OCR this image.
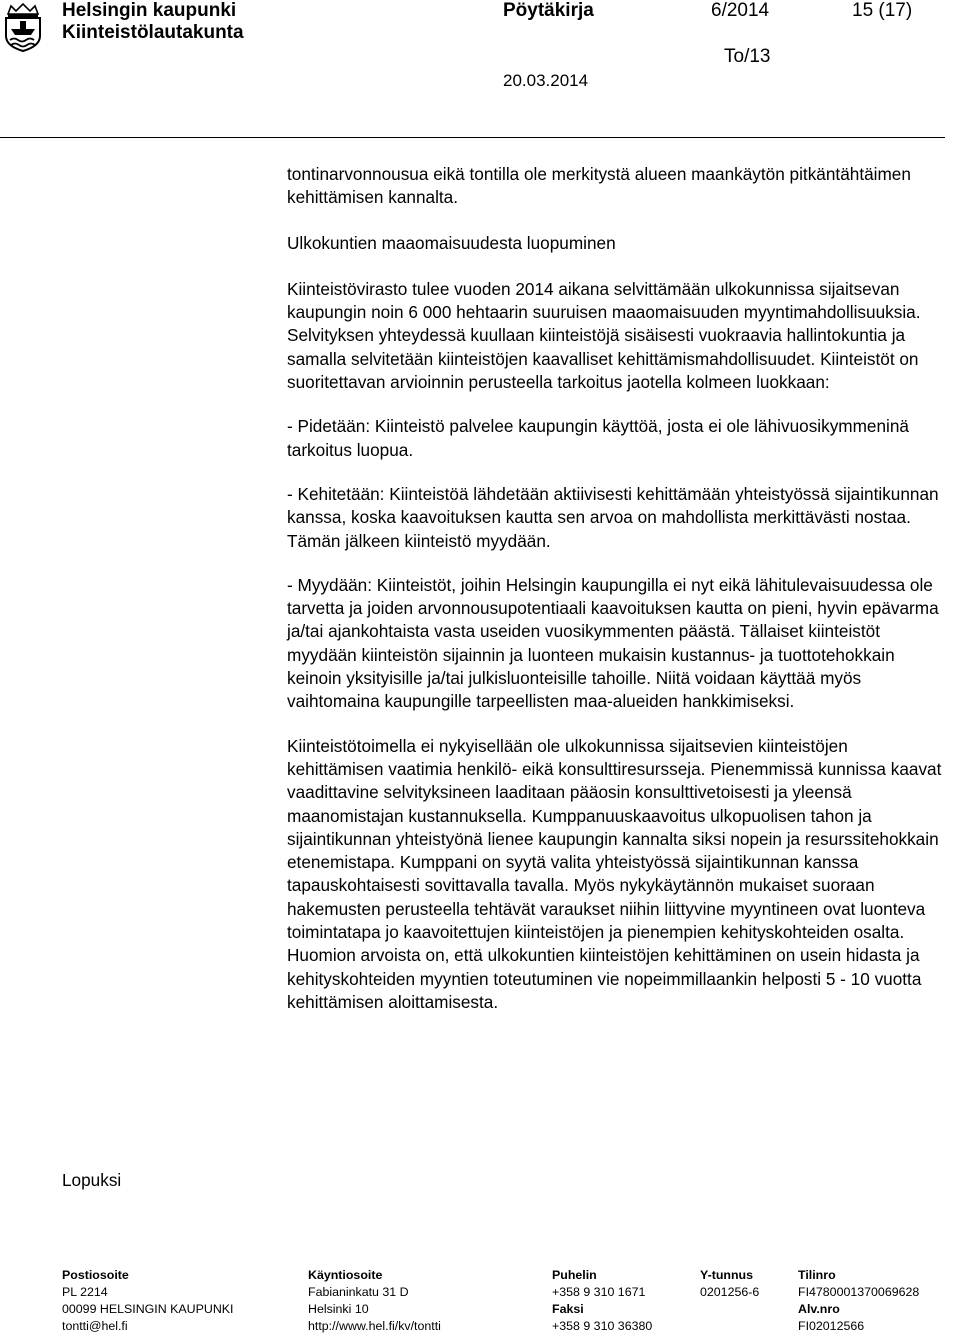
Helsingin kaupunki
Kiinteistölautakunta
Pöytäkirja	6/2014	15 (17)
To/13
20.03.2014

tontinarvonnousua eikä tontilla ole merkitystä alueen maankäytön pitkäntähtäimen kehittämisen kannalta.

Ulkokuntien maaomaisuudesta luopuminen

Kiinteistövirasto tulee vuoden 2014 aikana selvittämään ulkokunnissa sijaitsevan kaupungin noin 6 000 hehtaarin suuruisen maaomaisuuden myyntimahdollisuuksia. Selvityksen yhteydessä kuullaan kiinteistöjä sisäisesti vuokraavia hallintokuntia ja samalla selvitetään kiinteistöjen kaavalliset kehittämismahdollisuudet. Kiinteistöt on suoritettavan arvioinnin perusteella tarkoitus jaotella kolmeen luokkaan:

- Pidetään: Kiinteistö palvelee kaupungin käyttöä, josta ei ole lähivuosikymmeninä tarkoitus luopua.

- Kehitetään: Kiinteistöä lähdetään aktiivisesti kehittämään yhteistyössä sijaintikunnan kanssa, koska kaavoituksen kautta sen arvoa on mahdollista merkittävästi nostaa. Tämän jälkeen kiinteistö myydään.

- Myydään: Kiinteistöt, joihin Helsingin kaupungilla ei nyt eikä lähitulevaisuudessa ole tarvetta ja joiden arvonnousupotentiaali kaavoituksen kautta on pieni, hyvin epävarma ja/tai ajankohtaista vasta useiden vuosikymmenten päästä. Tällaiset kiinteistöt myydään kiinteistön sijainnin ja luonteen mukaisin kustannus- ja tuottotehokkain keinoin yksityisille ja/tai julkisluonteisille tahoille. Niitä voidaan käyttää myös vaihtomaina kaupungille tarpeellisten maa-alueiden hankkimiseksi.

Kiinteistötoimella ei nykyisellään ole ulkokunnissa sijaitsevien kiinteistöjen kehittämisen vaatimia henkilö- eikä konsulttiresursseja. Pienemmissä kunnissa kaavat vaadittavine selvityksineen laaditaan pääosin konsulttivetoisesti ja yleensä maanomistajan kustannuksella. Kumppanuuskaavoitus ulkopuolisen tahon ja sijaintikunnan yhteistyönä lienee kaupungin kannalta siksi nopein ja resurssitehokkain etenemistapa. Kumppani on syytä valita yhteistyössä sijaintikunnan kanssa tapauskohtaisesti sovittavalla tavalla. Myös nykykäytännön mukaiset suoraan hakemusten perusteella tehtävät varaukset niihin liittyvine myyntineen ovat luonteva toimintatapa jo kaavoitettujen kiinteistöjen ja pienempien kehityskohteiden osalta. Huomion arvoista on, että ulkokuntien kiinteistöjen kehittäminen on usein hidasta ja kehityskohteiden myyntien toteutuminen vie nopeimmillaankin helposti 5 - 10 vuotta kehittämisen aloittamisesta.

Lopuksi
Postiosoite
PL 2214
00099 HELSINGIN KAUPUNKI
tontti@hel.fi
Käyntiosoite
Fabianinkatu 31 D
Helsinki 10
http://www.hel.fi/kv/tontti
Puhelin
+358 9 310 1671
Faksi
+358 9 310 36380
Y-tunnus
0201256-6
Tilinro
FI4780001370069628
Alv.nro
FI02012566
